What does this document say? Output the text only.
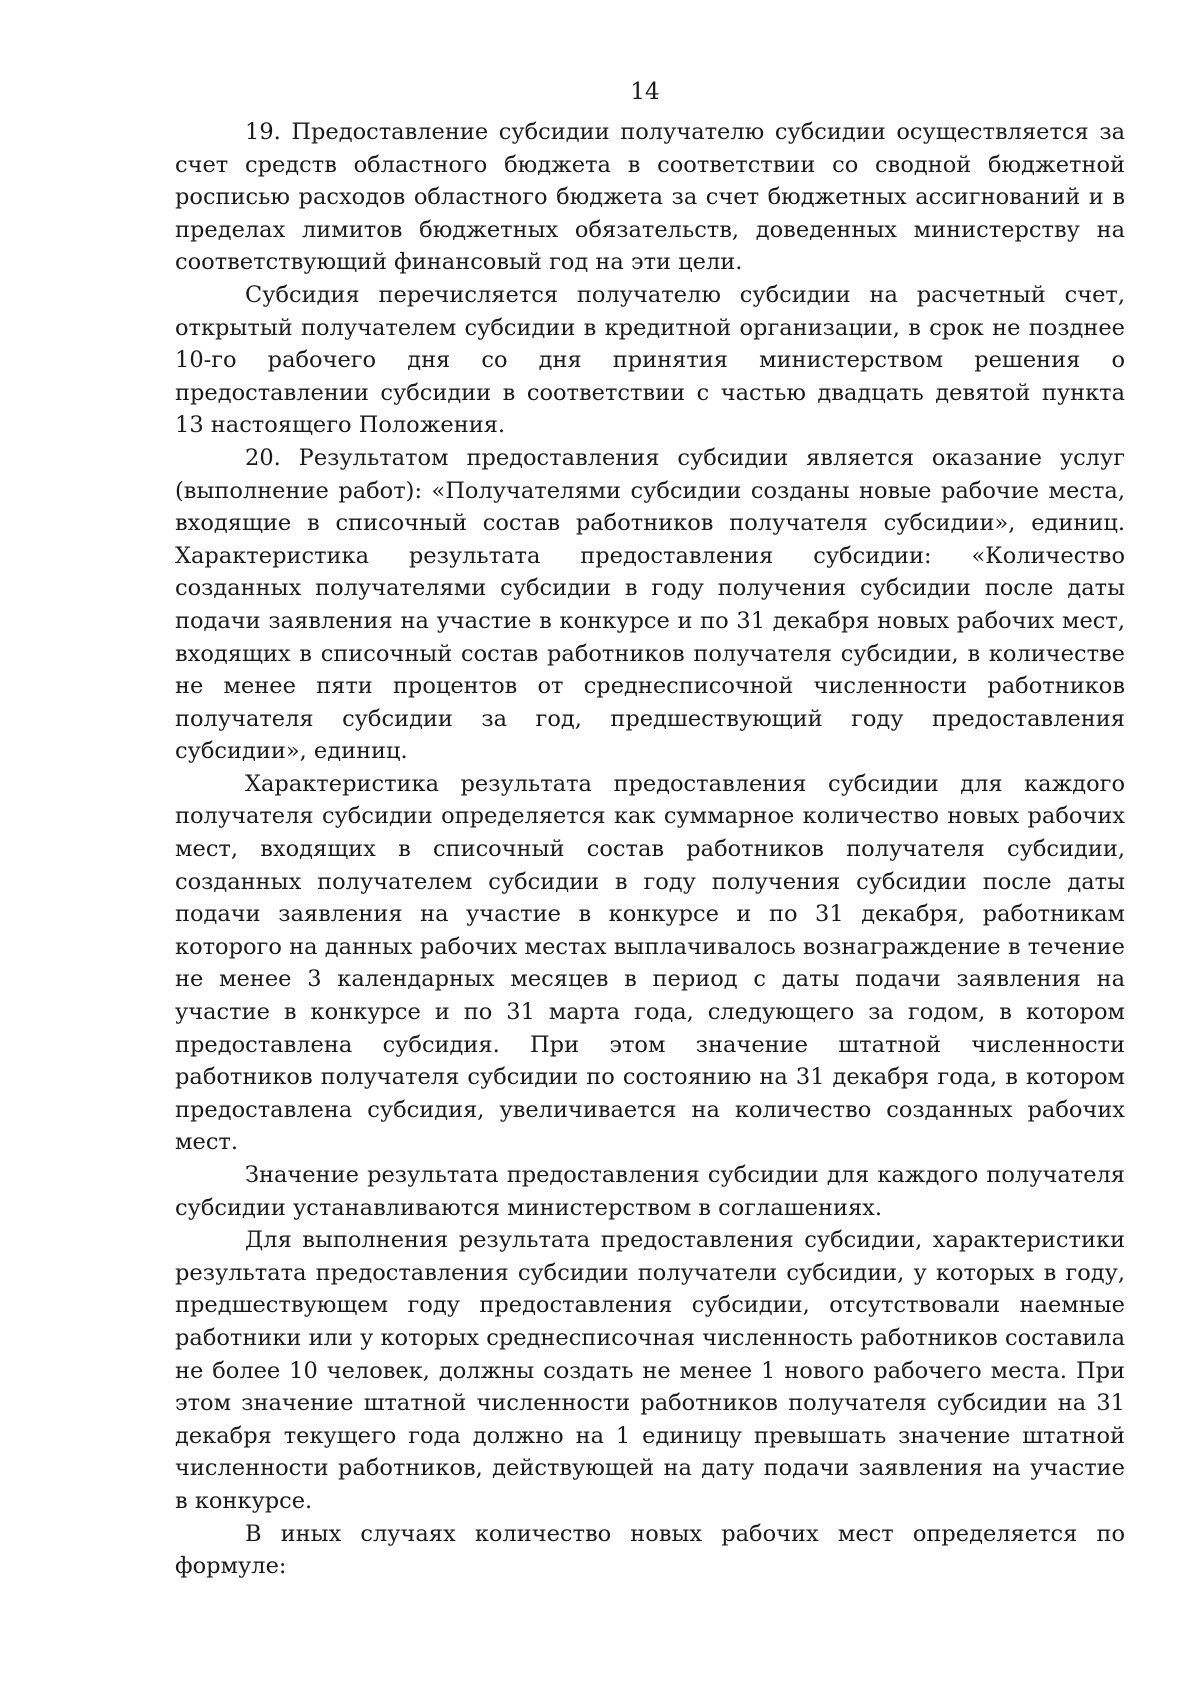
14

19. Предоставление субсидии получателю субсидии осуществляется за счет средств областного бюджета в соответствии со сводной бюджетной росписью расходов областного бюджета за счет бюджетных ассигнований и в пределах лимитов бюджетных обязательств, доведенных министерству на соответствующий финансовый год на эти цели.

Субсидия перечисляется получателю субсидии на расчетный счет, открытый получателем субсидии в кредитной организации, в срок не позднее 10-го рабочего дня со дня принятия министерством решения о предоставлении субсидии в соответствии с частью двадцать девятой пункта 13 настоящего Положения.

20. Результатом предоставления субсидии является оказание услуг (выполнение работ): «Получателями субсидии созданы новые рабочие места, входящие в списочный состав работников получателя субсидии», единиц. Характеристика результата предоставления субсидии: «Количество созданных получателями субсидии в году получения субсидии после даты подачи заявления на участие в конкурсе и по 31 декабря новых рабочих мест, входящих в списочный состав работников получателя субсидии, в количестве не менее пяти процентов от среднесписочной численности работников получателя субсидии за год, предшествующий году предоставления субсидии», единиц.

Характеристика результата предоставления субсидии для каждого получателя субсидии определяется как суммарное количество новых рабочих мест, входящих в списочный состав работников получателя субсидии, созданных получателем субсидии в году получения субсидии после даты подачи заявления на участие в конкурсе и по 31 декабря, работникам которого на данных рабочих местах выплачивалось вознаграждение в течение не менее 3 календарных месяцев в период с даты подачи заявления на участие в конкурсе и по 31 марта года, следующего за годом, в котором предоставлена субсидия. При этом значение штатной численности работников получателя субсидии по состоянию на 31 декабря года, в котором предоставлена субсидия, увеличивается на количество созданных рабочих мест.

Значение результата предоставления субсидии для каждого получателя субсидии устанавливаются министерством в соглашениях.

Для выполнения результата предоставления субсидии, характеристики результата предоставления субсидии получатели субсидии, у которых в году, предшествующем году предоставления субсидии, отсутствовали наемные работники или у которых среднесписочная численность работников составила не более 10 человек, должны создать не менее 1 нового рабочего места. При этом значение штатной численности работников получателя субсидии на 31 декабря текущего года должно на 1 единицу превышать значение штатной численности работников, действующей на дату подачи заявления на участие в конкурсе.

В иных случаях количество новых рабочих мест определяется по формуле:
